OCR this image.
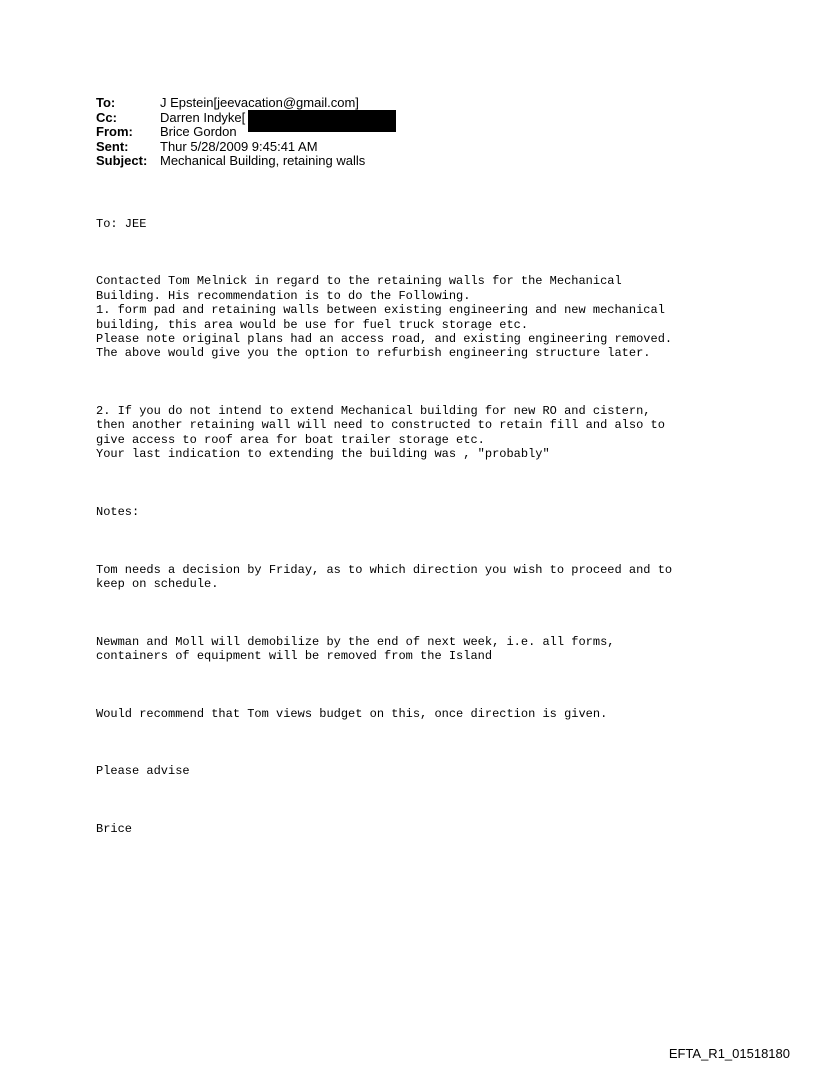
To:	J Epstein[jeevacation@gmail.com]
Cc:	Darren Indyke[
From:	Brice Gordon
Sent:	Thur 5/28/2009 9:45:41 AM
Subject: Mechanical Building, retaining walls

To: JEE

Contacted Tom Melnick in regard to the retaining walls for the Mechanical
Building. His recommendation is to do the Following.
1. form pad and retaining walls between existing engineering and new mechanical
building, this area would be use for fuel truck storage etc.
Please note original plans had an access road, and existing engineering removed.
The above would give you the option to refurbish engineering structure later.

2. If you do not intend to extend Mechanical building for new RO and cistern,
then another retaining wall will need to constructed to retain fill and also to
give access to roof area for boat trailer storage etc.
Your last indication to extending the building was , "probably"

Notes:

Tom needs a decision by Friday, as to which direction you wish to proceed and to
keep on schedule.

Newman and Moll will demobilize by the end of next week, i.e. all forms,
containers of equipment will be removed from the Island

Would recommend that Tom views budget on this, once direction is given.

Please advise

Brice

EFTA_R1_01518180
